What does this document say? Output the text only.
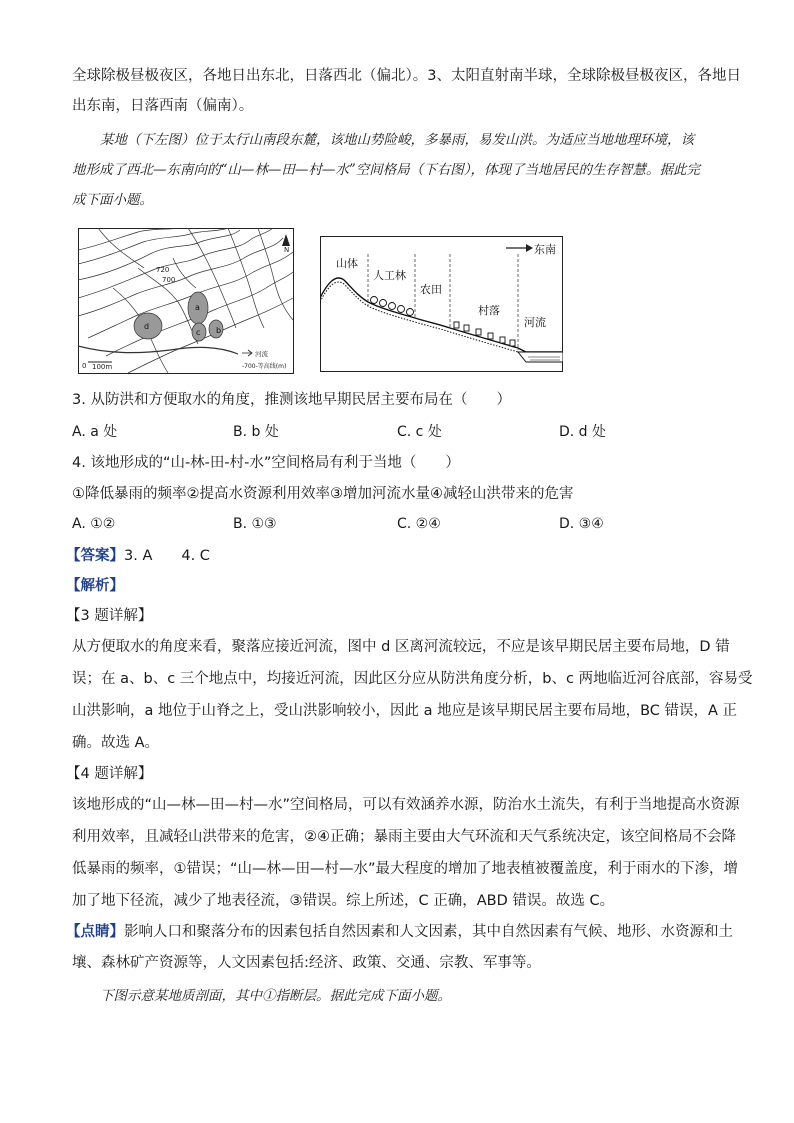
全球除极昼极夜区，各地日出东北，日落西北（偏北）。3、太阳直射南半球，全球除极昼极夜区，各地日
出东南，日落西南（偏南）。
某地（下左图）位于太行山南段东麓，该地山势险峻，多暴雨，易发山洪。为适应当地地理环境，该
地形成了西北—东南向的“山—林—田—村—水”空间格局（下右图），体现了当地居民的生存智慧。据此完
成下面小题。
720
700
a
b
c
d
N
0 100m
河流
-700-等高线(m)
东南
山体
人工林
农田
村落
河流
3. 从防洪和方便取水的角度，推测该地早期民居主要布局在（　　）
A. a 处	B. b 处	C. c 处	D. d 处
4. 该地形成的“山-林-田-村-水”空间格局有利于当地（　　）
①降低暴雨的频率②提高水资源利用效率③增加河流水量④减轻山洪带来的危害
A. ①②	B. ①③	C. ②④	D. ③④
【答案】3. A　　4. C
【解析】
【3 题详解】
从方便取水的角度来看，聚落应接近河流，图中 d 区离河流较远，不应是该早期民居主要布局地，D 错
误；在 a、b、c 三个地点中，均接近河流，因此区分应从防洪角度分析，b、c 两地临近河谷底部，容易受
山洪影响，a 地位于山脊之上，受山洪影响较小，因此 a 地应是该早期民居主要布局地，BC 错误，A 正
确。故选 A。
【4 题详解】
该地形成的“山—林—田—村—水”空间格局，可以有效涵养水源，防治水土流失，有利于当地提高水资源
利用效率，且减轻山洪带来的危害，②④正确；暴雨主要由大气环流和天气系统决定，该空间格局不会降
低暴雨的频率，①错误；“山—林—田—村—水”最大程度的增加了地表植被覆盖度，利于雨水的下渗，增
加了地下径流，减少了地表径流，③错误。综上所述，C 正确，ABD 错误。故选 C。
【点睛】影响人口和聚落分布的因素包括自然因素和人文因素，其中自然因素有气候、地形、水资源和土
壤、森林矿产资源等，人文因素包括:经济、政策、交通、宗教、军事等。
下图示意某地质剖面，其中①指断层。据此完成下面小题。
